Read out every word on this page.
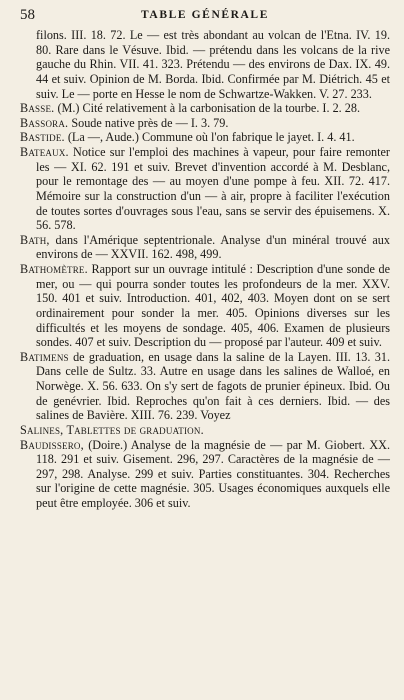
58	TABLE GÉNÉRALE

filons. III. 18. 72. Le — est très abondant au volcan de l'Etna. IV. 19. 80. Rare dans le Vésuve. Ibid. — prétendu dans les volcans de la rive gauche du Rhin. VII. 41. 323. Prétendu — des environs de Dax. IX. 49. 44 et suiv. Opinion de M. Borda. Ibid. Confirmée par M. Diétrich. 45 et suiv. Le — porte en Hesse le nom de Schwartze-Wakken. V. 27. 233.

Basse. (M.) Cité relativement à la carbonisation de la tourbe. I. 2. 28.

Bassora. Soude native près de — I. 3. 79.

Bastide. (La —, Aude.) Commune où l'on fabrique le jayet. I. 4. 41.

Bateaux. Notice sur l'emploi des machines à vapeur, pour faire remonter les — XI. 62. 191 et suiv. Brevet d'invention accordé à M. Desblanc, pour le remontage des — au moyen d'une pompe à feu. XII. 72. 417. Mémoire sur la construction d'un — à air, propre à faciliter l'exécution de toutes sortes d'ouvrages sous l'eau, sans se servir des épuisemens. X. 56. 578.

Bath, dans l'Amérique septentrionale. Analyse d'un minéral trouvé aux environs de — XXVII. 162. 498, 499.

Bathomètre. Rapport sur un ouvrage intitulé : Description d'une sonde de mer, ou — qui pourra sonder toutes les profondeurs de la mer. XXV. 150. 401 et suiv. Introduction. 401, 402, 403. Moyen dont on se sert ordinairement pour sonder la mer. 405. Opinions diverses sur les difficultés et les moyens de sondage. 405, 406. Examen de plusieurs sondes. 407 et suiv. Description du — proposé par l'auteur. 409 et suiv.

Batimens de graduation, en usage dans la saline de la Layen. III. 13. 31. Dans celle de Sultz. 33. Autre en usage dans les salines de Walloé, en Norwège. X. 56. 633. On s'y sert de fagots de prunier épineux. Ibid. Ou de genévrier. Ibid. Reproches qu'on fait à ces derniers. Ibid. — des salines de Bavière. XIII. 76. 239. Voyez

Salines, Tablettes de graduation.

Baudissero, (Doire.) Analyse de la magnésie de — par M. Giobert. XX. 118. 291 et suiv. Gisement. 296, 297. Caractères de la magnésie de — 297, 298. Analyse. 299 et suiv. Parties constituantes. 304. Recherches sur l'origine de cette magnésie. 305. Usages économiques auxquels elle peut être employée. 306 et suiv.
